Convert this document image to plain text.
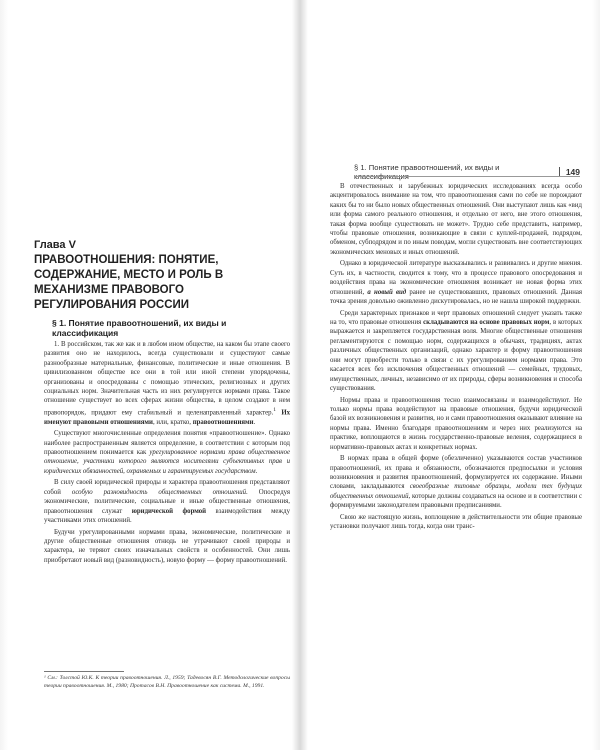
Глава V
ПРАВООТНОШЕНИЯ: ПОНЯТИЕ, СОДЕРЖАНИЕ, МЕСТО И РОЛЬ В МЕХАНИЗМЕ ПРАВОВОГО РЕГУЛИРОВАНИЯ РОССИИ
§ 1. Понятие правоотношений, их виды и классификация

1. В российском, так же как и в любом ином обществе, на каком бы этапе своего развития оно не находилось, всегда существовали и существуют самые разнообразные материальные, финансовые, политические и иные отношения. В цивилизованном обществе все они в той или иной степени упорядочены, организованы и опосредованы с помощью этических, религиозных и других социальных норм. Значительная часть из них регулируется нормами права. Такое отношение существует во всех сферах жизни общества, в целом создают в нем правопорядок, придают ему стабильный и целенаправленный характер.$^1$ Их именуют правовыми отношениями, или, кратко, правоотношениями.

Существуют многочисленные определения понятия «правоотношение». Однако наиболее распространенным является определение, в соответствии с которым под правоотношением понимается как урегулированное нормами права общественное отношение, участники которого являются носителями субъективных прав и юридических обязанностей, охраняемых и гарантируемых государством.

В силу своей юридической природы и характера правоотношения представляют собой особую разновидность общественных отношений. Опосредуя экономические, политические, социальные и иные общественные отношения, правоотношения служат юридической формой взаимодействия между участниками этих отношений.

Будучи урегулированными нормами права, экономические, политические и другие общественные отношения отнюдь не утрачивают своей природы и характера, не теряют своих изначальных свойств и особенностей. Они лишь приобретают новый вид (разновидность), новую форму — форму правоотношений.

¹ См.: Толстой Ю.К. К теории правоотношения. Л., 1959; Тадевосян В.Г. Методологические вопросы теории правоотношения. М., 1980; Протасов В.Н. Правоотношение как система. М., 1991.

§ 1. Понятие правоотношений, их виды и классификация	149

В отечественных и зарубежных юридических исследованиях всегда особо акцентировалось внимание на том, что правоотношения сами по себе не порождают каких бы то ни было новых общественных отношений. Они выступают лишь как «вид или форма самого реального отношения, и отдельно от него, вне этого отношения, такая форма вообще существовать не может». Трудно себе представить, например, чтобы правовые отношения, возникающие в связи с куплей-продажей, подрядом, обменом, субподрядом и по иным поводам, могли существовать вне соответствующих экономических меновых и иных отношений.

Однако в юридической литературе высказывались и развивались и другие мнения. Суть их, в частности, сводится к тому, что в процессе правового опосредования и воздействия права на экономические отношения возникает не новая форма этих отношений, а новый вид ранее не существовавших, правовых отношений. Данная точка зрения довольно оживленно дискутировалась, но не нашла широкой поддержки.

Среди характерных признаков и черт правовых отношений следует указать также на то, что правовые отношения складываются на основе правовых норм, в которых выражается и закрепляется государственная воля. Многие общественные отношения регламентируются с помощью норм, содержащихся в обычаях, традициях, актах различных общественных организаций, однако характер и форму правоотношения они могут приобрести только в связи с их урегулированием нормами права. Это касается всех без исключения общественных отношений — семейных, трудовых, имущественных, личных, независимо от их природы, сферы возникновения и способа существования.

Нормы права и правоотношения тесно взаимосвязаны и взаимодействуют. Не только нормы права воздействуют на правовые отношения, будучи юридической базой их возникновения и развития, но и сами правоотношения оказывают влияние на нормы права. Именно благодаря правоотношениям и через них реализуются на практике, воплощаются в жизнь государственно-правовые веления, содержащиеся в нормативно-правовых актах и конкретных нормах.

В нормах права в общей форме (обезличенно) указываются состав участников правоотношений, их права и обязанности, обозначаются предпосылки и условия возникновения и развития правоотношений, формулируется их содержание. Иными словами, закладываются своеобразные типовые образцы, модели тех будущих общественных отношений, которые должны создаваться на основе и в соответствии с формируемыми законодателем правовыми предписаниями.

Свою же настоящую жизнь, воплощение в действительности эти общие правовые установки получают лишь тогда, когда они транс-
